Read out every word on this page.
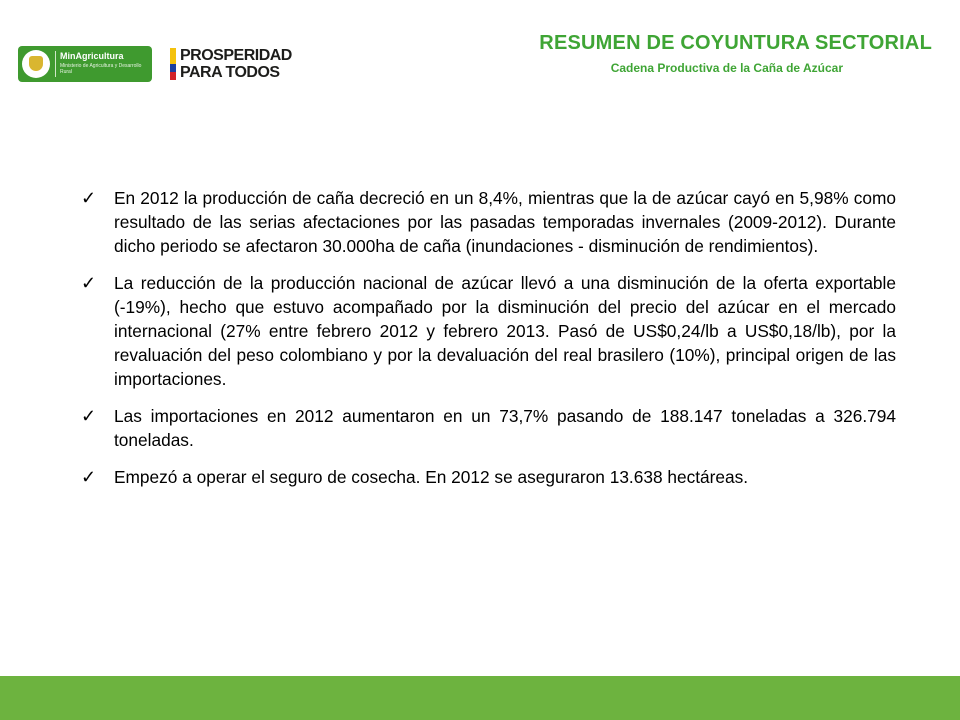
MinAgricultura
Ministerio de Agricultura y Desarrollo Rural
PROSPERIDAD
PARA TODOS
RESUMEN DE COYUNTURA SECTORIAL
Cadena Productiva de la Caña de Azúcar
✓ En 2012 la producción de caña decreció en un 8,4%, mientras que la de azúcar cayó en 5,98% como resultado de las serias afectaciones por las pasadas temporadas invernales (2009-2012). Durante dicho periodo se afectaron 30.000ha de caña (inundaciones - disminución de rendimientos).
✓ La reducción de la producción nacional de azúcar llevó a una disminución de la oferta exportable (-19%), hecho que estuvo acompañado por la disminución del precio del azúcar en el mercado internacional (27% entre febrero 2012 y febrero 2013. Pasó de US$0,24/lb a US$0,18/lb), por la revaluación del peso colombiano y por la devaluación del real brasilero (10%), principal origen de las importaciones.
✓ Las importaciones en 2012 aumentaron en un 73,7% pasando de 188.147 toneladas a 326.794 toneladas.
✓ Empezó a operar el seguro de cosecha. En 2012 se aseguraron 13.638 hectáreas.
